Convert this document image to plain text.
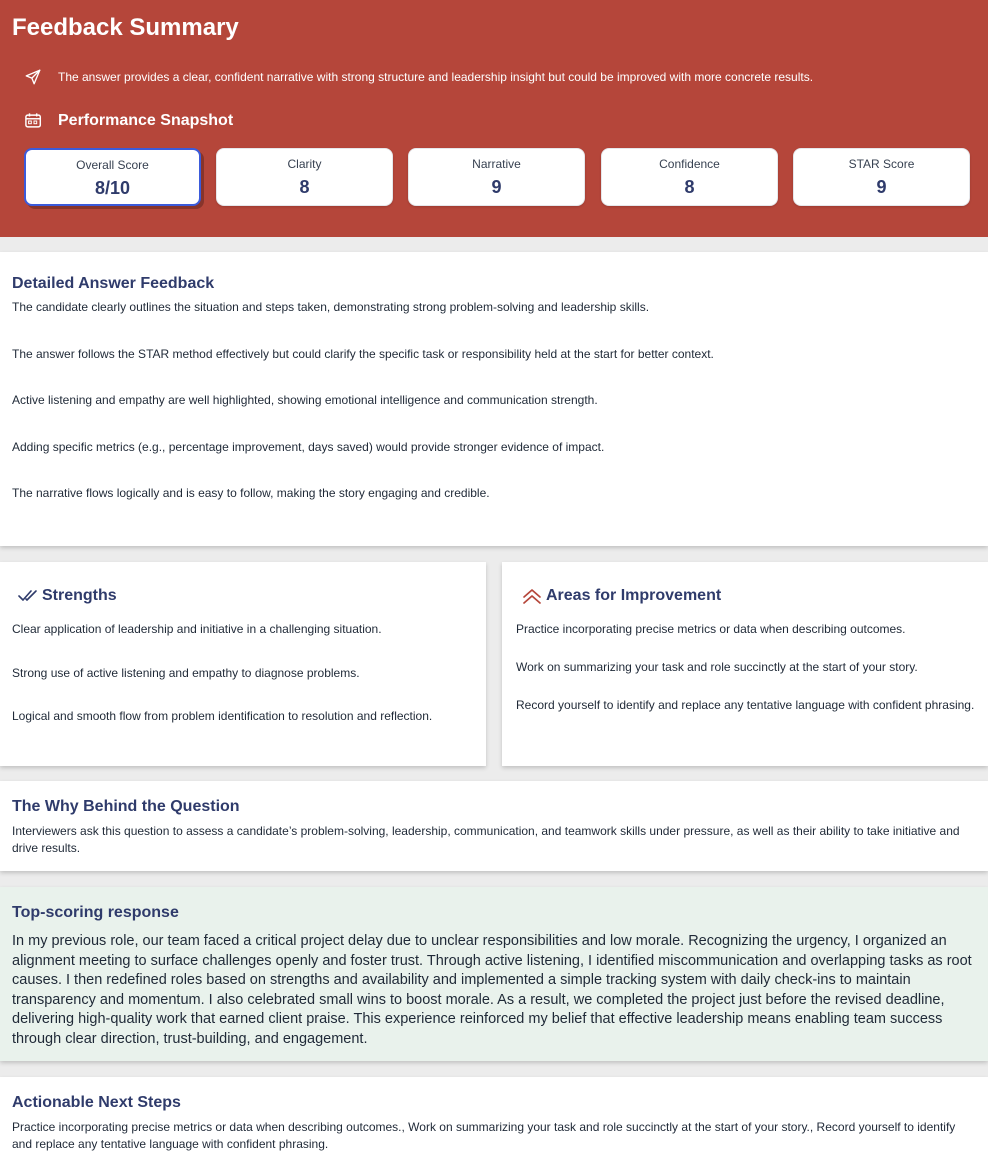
Feedback Summary
The answer provides a clear, confident narrative with strong structure and leadership insight but could be improved with more concrete results.
Performance Snapshot
Overall Score
8/10
Clarity
8
Narrative
9
Confidence
8
STAR Score
9
Detailed Answer Feedback
The candidate clearly outlines the situation and steps taken, demonstrating strong problem-solving and leadership skills.
The answer follows the STAR method effectively but could clarify the specific task or responsibility held at the start for better context.
Active listening and empathy are well highlighted, showing emotional intelligence and communication strength.
Adding specific metrics (e.g., percentage improvement, days saved) would provide stronger evidence of impact.
The narrative flows logically and is easy to follow, making the story engaging and credible.
Strengths
Clear application of leadership and initiative in a challenging situation.
Strong use of active listening and empathy to diagnose problems.
Logical and smooth flow from problem identification to resolution and reflection.
Areas for Improvement
Practice incorporating precise metrics or data when describing outcomes.
Work on summarizing your task and role succinctly at the start of your story.
Record yourself to identify and replace any tentative language with confident phrasing.
The Why Behind the Question
Interviewers ask this question to assess a candidate’s problem-solving, leadership, communication, and teamwork skills under pressure, as well as their ability to take initiative and drive results.
Top-scoring response
In my previous role, our team faced a critical project delay due to unclear responsibilities and low morale. Recognizing the urgency, I organized an alignment meeting to surface challenges openly and foster trust. Through active listening, I identified miscommunication and overlapping tasks as root causes. I then redefined roles based on strengths and availability and implemented a simple tracking system with daily check-ins to maintain transparency and momentum. I also celebrated small wins to boost morale. As a result, we completed the project just before the revised deadline, delivering high-quality work that earned client praise. This experience reinforced my belief that effective leadership means enabling team success through clear direction, trust-building, and engagement.
Actionable Next Steps
Practice incorporating precise metrics or data when describing outcomes., Work on summarizing your task and role succinctly at the start of your story., Record yourself to identify and replace any tentative language with confident phrasing.
